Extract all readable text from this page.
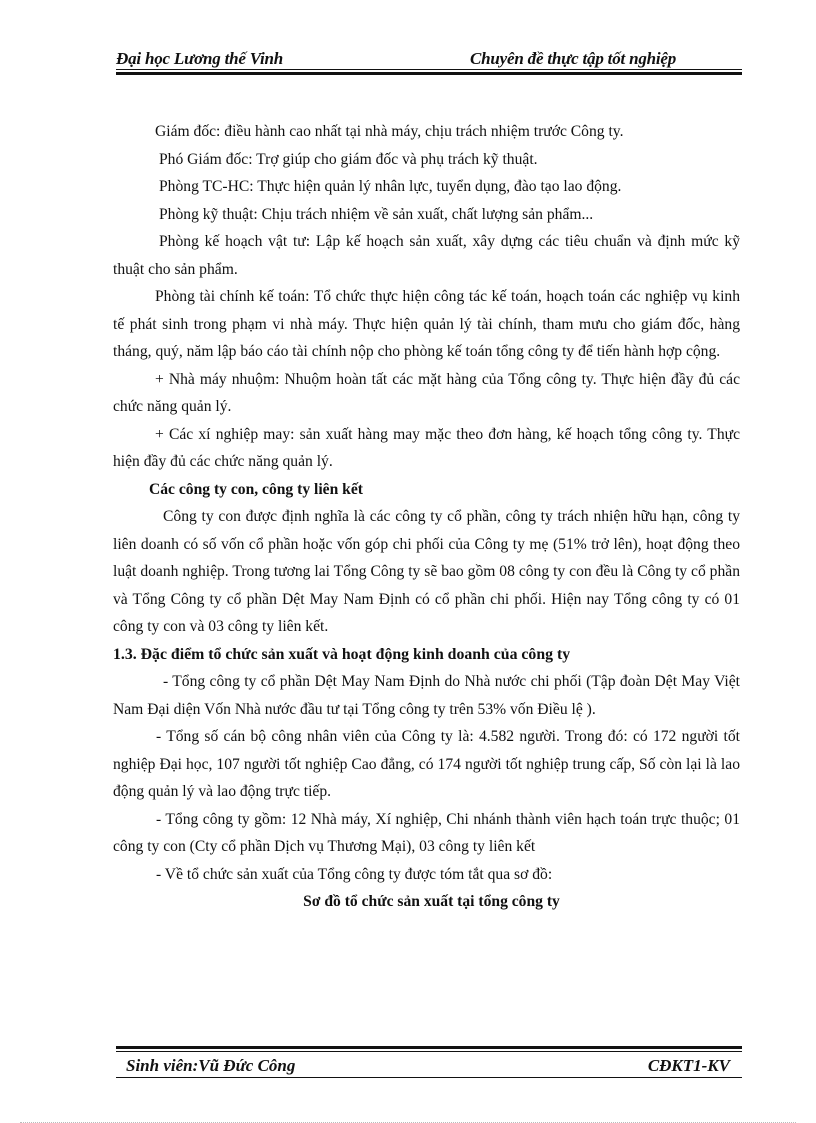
Đại học Lương thế Vinh	Chuyên đề thực tập tốt nghiệp

Giám đốc: điều hành cao nhất tại nhà máy, chịu trách nhiệm trước Công ty.

Phó Giám đốc: Trợ giúp cho giám đốc và phụ trách kỹ thuật.

Phòng TC-HC: Thực hiện quản lý nhân lực, tuyển dụng, đào tạo lao động.

Phòng kỹ thuật: Chịu trách nhiệm về sản xuất, chất lượng sản phẩm...

Phòng kế hoạch vật tư: Lập kế hoạch sản xuất, xây dựng các tiêu chuẩn và định mức kỹ thuật cho sản phẩm.

Phòng tài chính kế toán: Tổ chức thực hiện công tác kế toán, hoạch toán các nghiệp vụ kinh tế phát sinh trong phạm vi nhà máy. Thực hiện quản lý tài chính, tham mưu cho giám đốc, hàng tháng, quý, năm lập báo cáo tài chính nộp cho phòng kế toán tổng công ty để tiến hành hợp cộng.

+ Nhà máy nhuộm: Nhuộm hoàn tất các mặt hàng của Tổng công ty. Thực hiện đầy đủ các chức năng quản lý.

+ Các xí nghiệp may: sản xuất hàng may mặc theo đơn hàng, kế hoạch tổng công ty. Thực hiện đầy đủ các chức năng quản lý.

Các công ty con, công ty liên kết

Công ty con được định nghĩa là các công ty cổ phần, công ty trách nhiện hữu hạn, công ty liên doanh có số vốn cổ phần hoặc vốn góp chi phối của Công ty mẹ (51% trở lên), hoạt động theo luật doanh nghiệp. Trong tương lai Tổng Công ty sẽ bao gồm 08 công ty con đều là Công ty cổ phần và Tổng Công ty cổ phần Dệt May Nam Định có cổ phần chi phối. Hiện nay Tổng công ty có 01 công ty con và 03 công ty liên kết.

1.3. Đặc điểm tổ chức sản xuất và hoạt động kinh doanh của công ty

- Tổng công ty cổ phần Dệt May Nam Định do Nhà nước chi phối (Tập đoàn Dệt May Việt Nam Đại diện Vốn Nhà nước đầu tư tại Tổng công ty trên 53% vốn Điều lệ ).

- Tổng số cán bộ công nhân viên của Công ty là: 4.582 người. Trong đó: có 172 người tốt nghiệp Đại học, 107 người tốt nghiệp Cao đẳng, có 174 người tốt nghiệp trung cấp, Số còn lại là lao động quản lý và lao động trực tiếp.

- Tổng công ty gồm: 12 Nhà máy, Xí nghiệp, Chi nhánh thành viên hạch toán trực thuộc; 01 công ty con (Cty cổ phần Dịch vụ Thương Mại), 03 công ty liên kết

- Về tổ chức sản xuất của Tổng công ty được tóm tắt qua sơ đồ:

Sơ đồ tổ chức sản xuất tại tổng công ty

Sinh viên:Vũ Đức Công	CĐKT1-KV
